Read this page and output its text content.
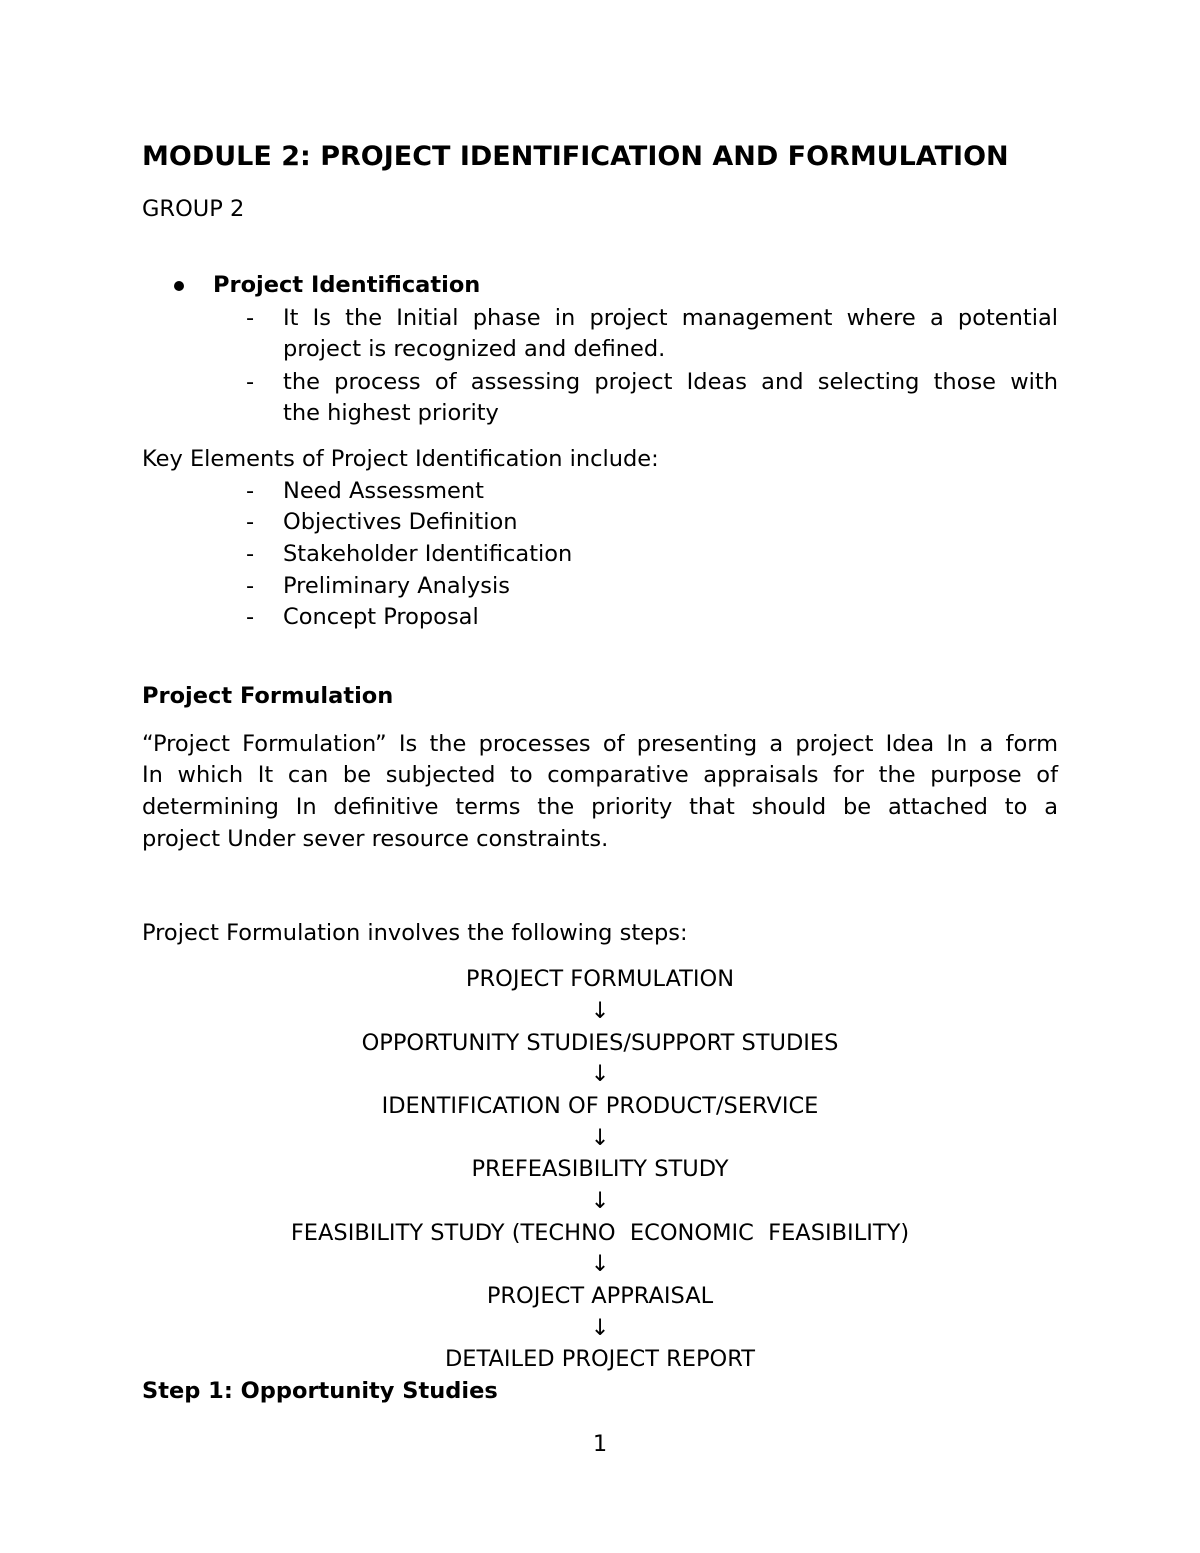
MODULE 2: PROJECT IDENTIFICATION AND FORMULATION
GROUP 2
Project Identification
- It Is the Initial phase in project management where a potential
project is recognized and defined.
- the process of assessing project Ideas and selecting those with
the highest priority
Key Elements of Project Identification include:
- Need Assessment
- Objectives Definition
- Stakeholder Identification
- Preliminary Analysis
- Concept Proposal
Project Formulation
“Project Formulation” Is the processes of presenting a project Idea In a form
In which It can be subjected to comparative appraisals for the purpose of
determining In definitive terms the priority that should be attached to a
project Under sever resource constraints.
Project Formulation involves the following steps:
PROJECT FORMULATION
↓
OPPORTUNITY STUDIES/SUPPORT STUDIES
↓
IDENTIFICATION OF PRODUCT/SERVICE
↓
PREFEASIBILITY STUDY
↓
FEASIBILITY STUDY (TECHNO  ECONOMIC  FEASIBILITY)
↓
PROJECT APPRAISAL
↓
DETAILED PROJECT REPORT
Step 1: Opportunity Studies
1
